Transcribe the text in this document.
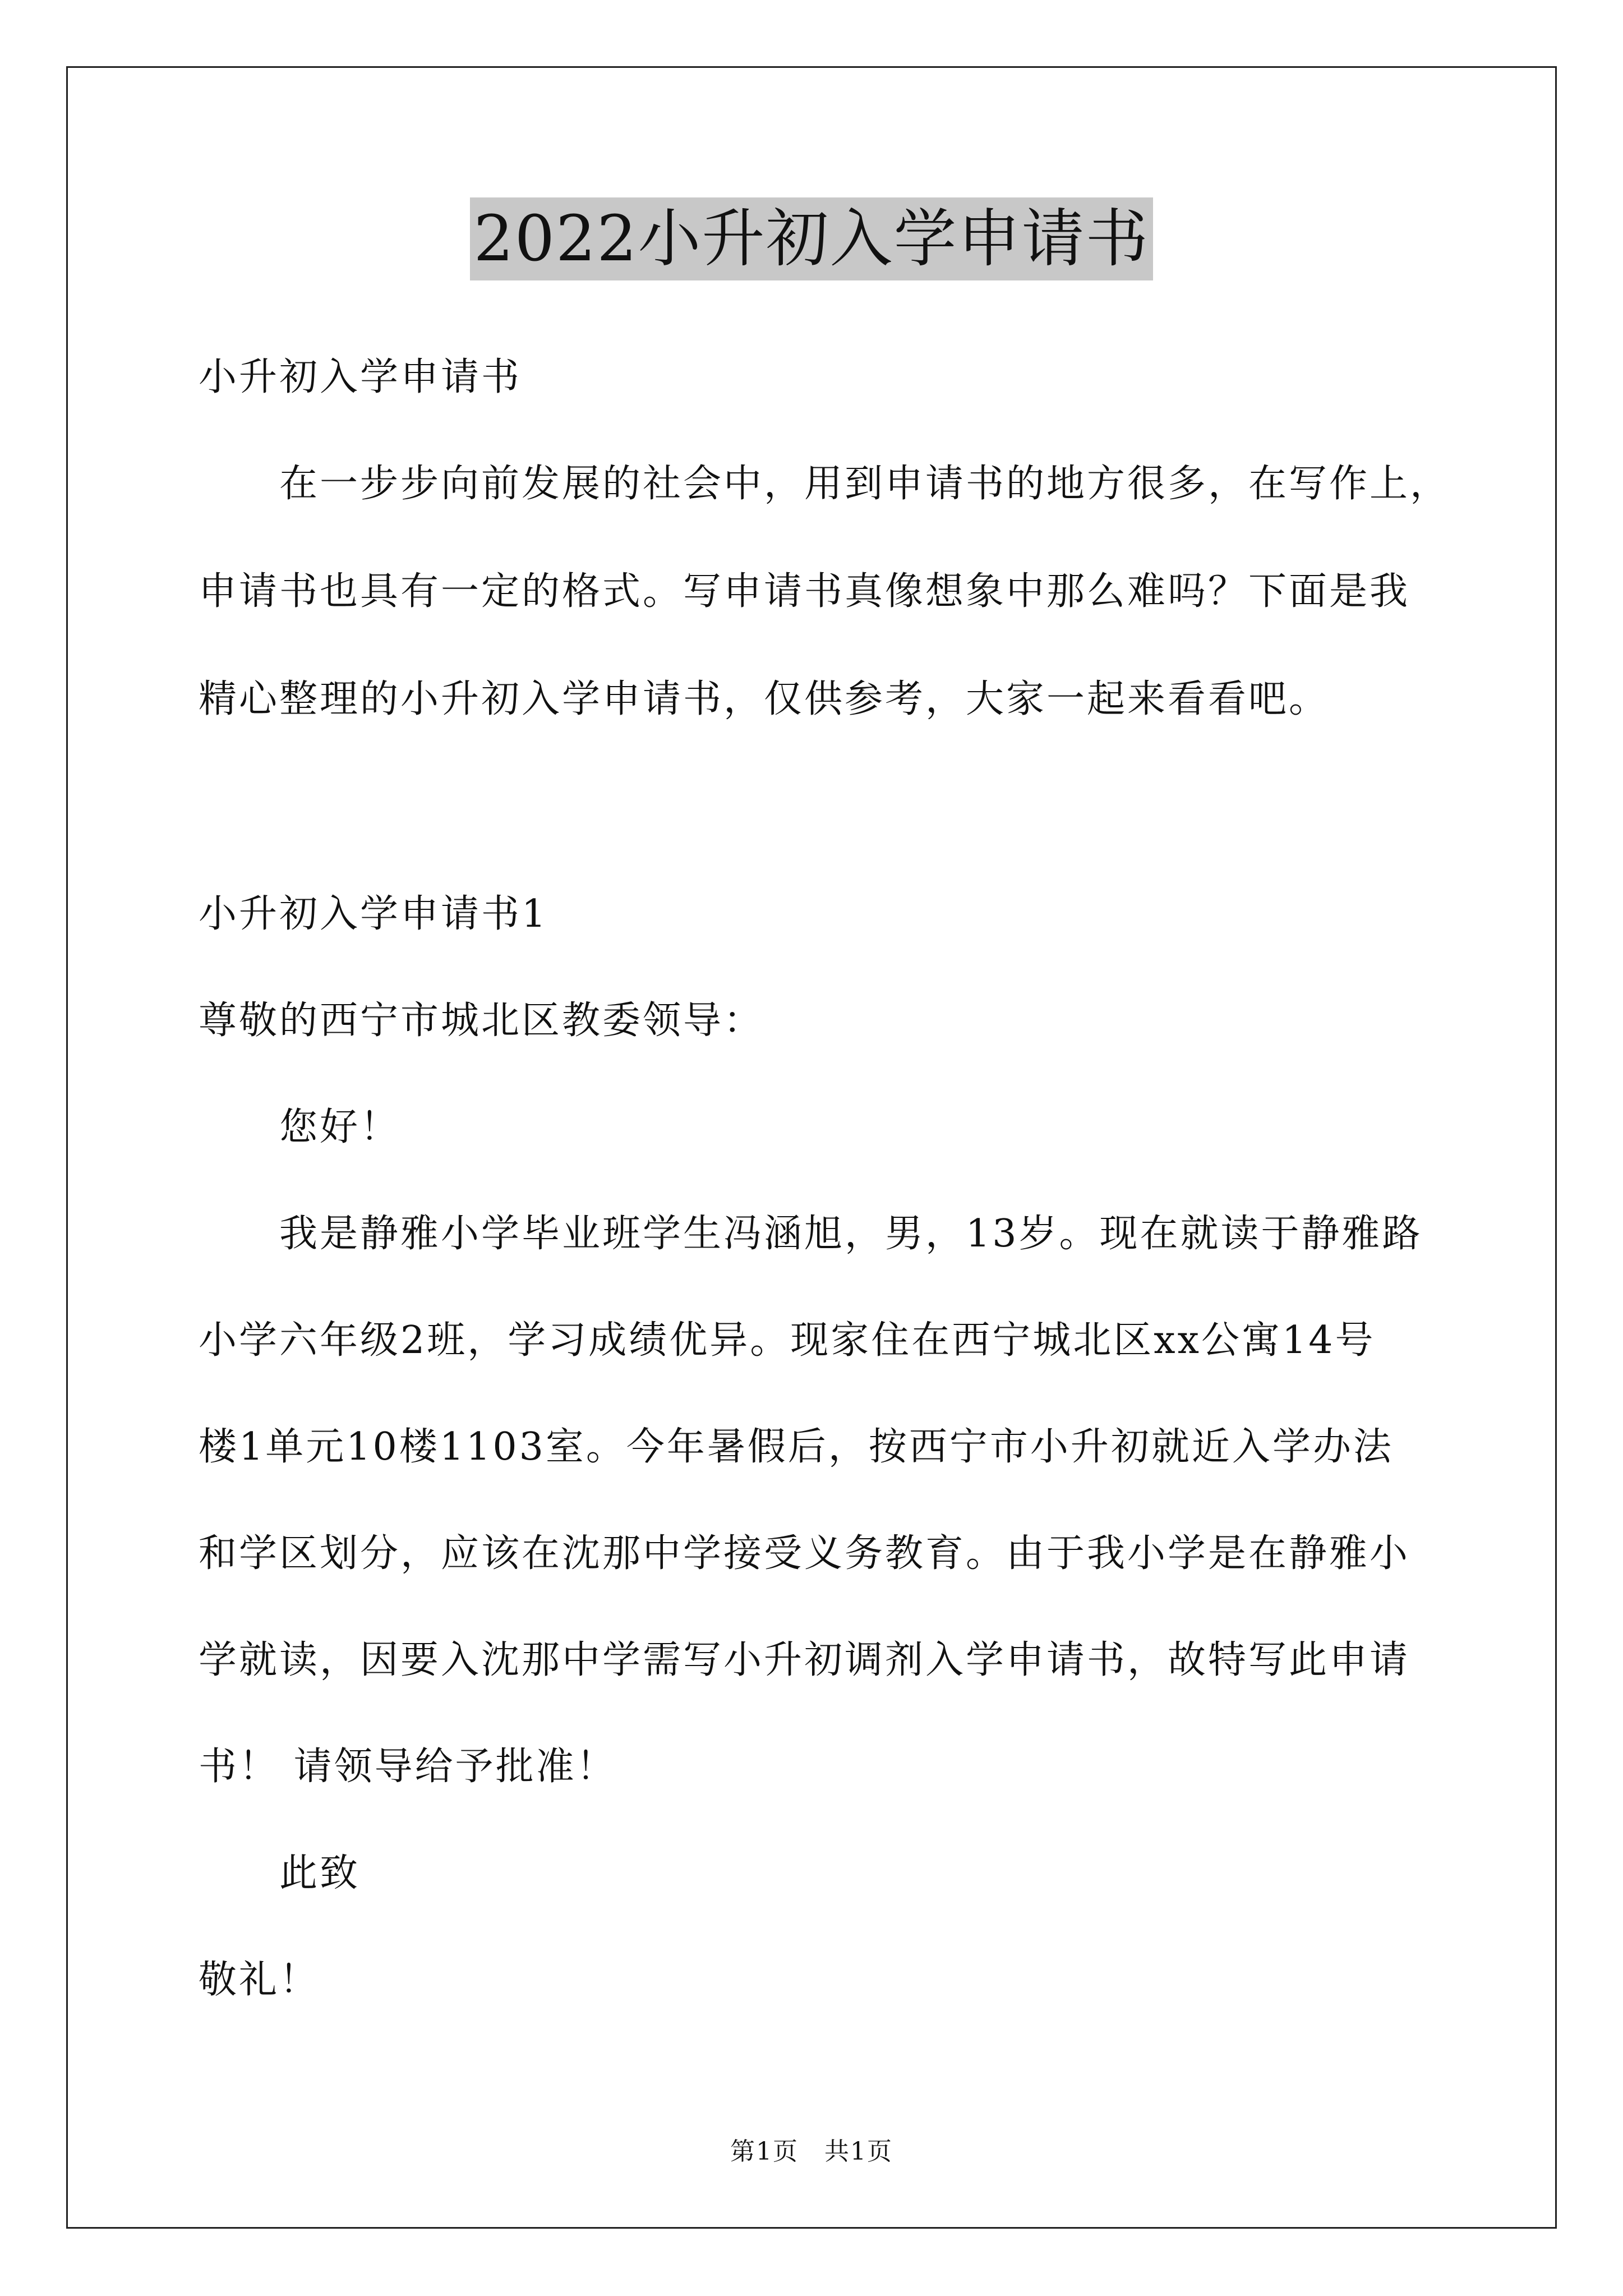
2022小升初入学申请书
小升初入学申请书
在一步步向前发展的社会中，用到申请书的地方很多，在写作上，
申请书也具有一定的格式。写申请书真像想象中那么难吗？下面是我
精心整理的小升初入学申请书，仅供参考，大家一起来看看吧。
小升初入学申请书1
尊敬的西宁市城北区教委领导：
您好！
我是静雅小学毕业班学生冯涵旭，男，13岁。现在就读于静雅路
小学六年级2班，学习成绩优异。现家住在西宁城北区xx公寓14号
楼1单元10楼1103室。今年暑假后，按西宁市小升初就近入学办法
和学区划分，应该在沈那中学接受义务教育。由于我小学是在静雅小
学就读，因要入沈那中学需写小升初调剂入学申请书，故特写此申请
书！ 请领导给予批准！
此致
敬礼！
第1页　共1页
